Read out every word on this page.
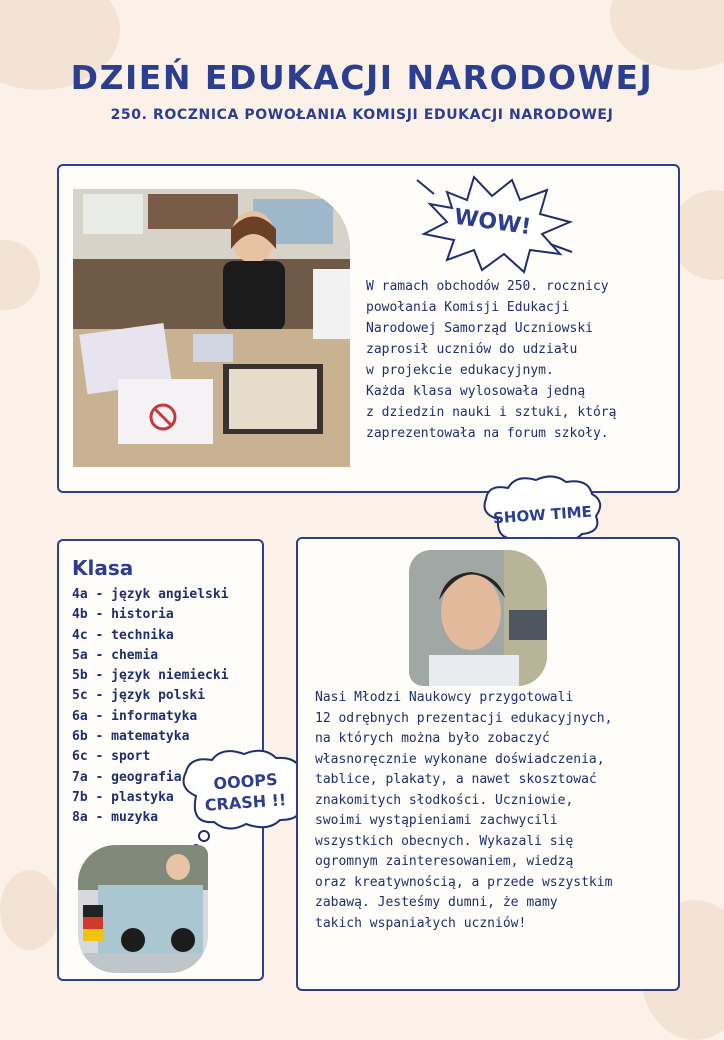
DZIEŃ EDUKACJI NARODOWEJ
250. ROCZNICA POWOŁANIA KOMISJI EDUKACJI NARODOWEJ
WOW!
W ramach obchodów 250. rocznicy
powołania Komisji Edukacji
Narodowej Samorząd Uczniowski
zaprosił uczniów do udziału
w projekcie edukacyjnym.
Każda klasa wylosowała jedną
z dziedzin nauki i sztuki, którą
zaprezentowała na forum szkoły.
SHOW TIME
Klasa
4a - język angielski
4b - historia
4c - technika
5a - chemia
5b - język niemiecki
5c - język polski
6a - informatyka
6b - matematyka
6c - sport
7a - geografia
7b - plastyka
8a - muzyka
OOOPS
CRASH !!
Nasi Młodzi Naukowcy przygotowali
12 odrębnych prezentacji edukacyjnych,
na których można było zobaczyć
własnoręcznie wykonane doświadczenia,
tablice, plakaty, a nawet skosztować
znakomitych słodkości. Uczniowie,
swoimi wystąpieniami zachwycili
wszystkich obecnych. Wykazali się
ogromnym zainteresowaniem, wiedzą
oraz kreatywnością, a przede wszystkim
zabawą. Jesteśmy dumni, że mamy
takich wspaniałych uczniów!
